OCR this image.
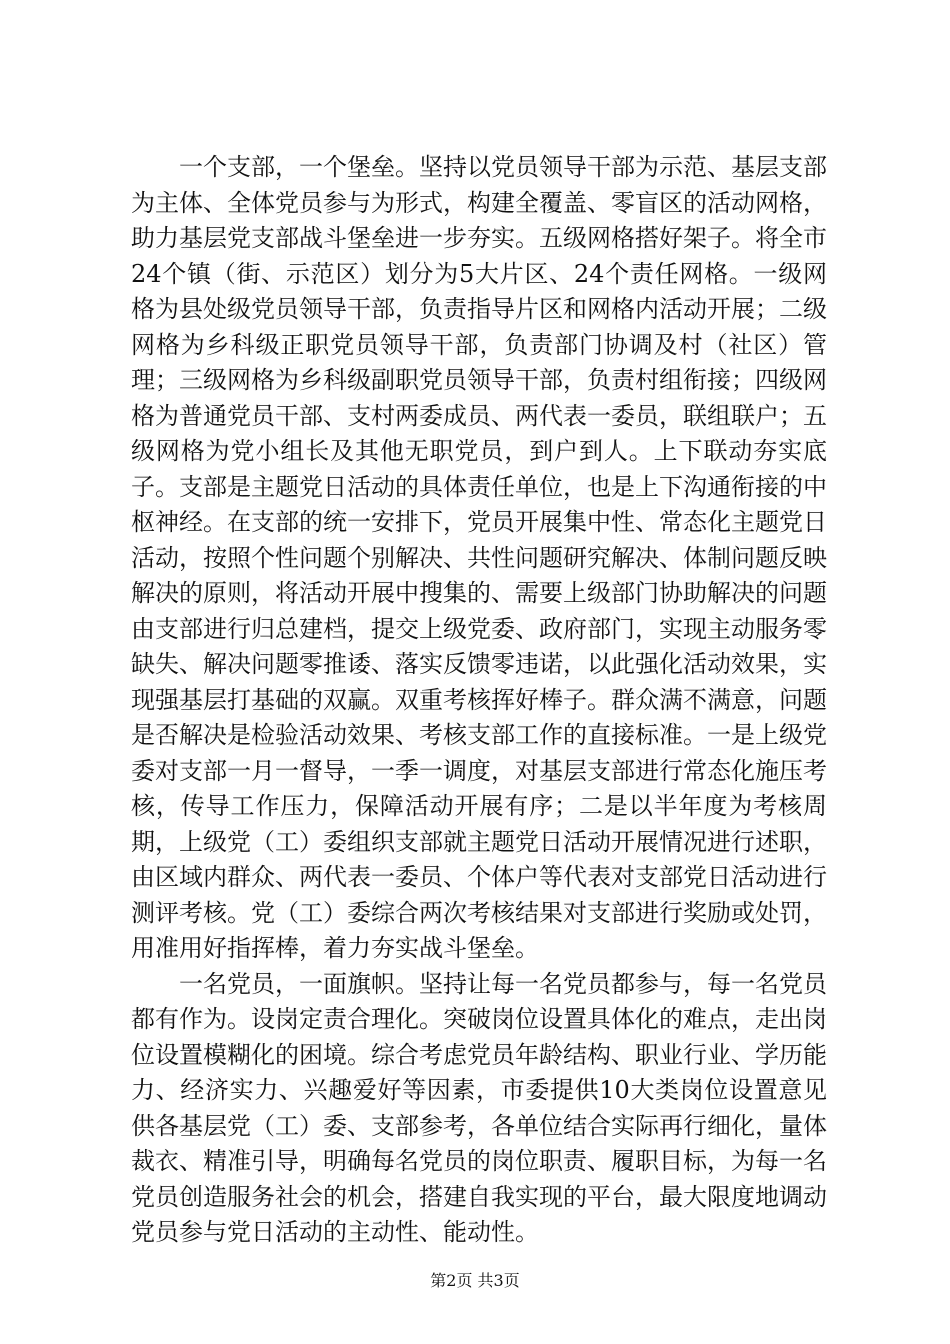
一个支部，一个堡垒。坚持以党员领导干部为示范、基层支部为主体、全体党员参与为形式，构建全覆盖、零盲区的活动网格，助力基层党支部战斗堡垒进一步夯实。五级网格搭好架子。将全市24个镇（街、示范区）划分为5大片区、24个责任网格。一级网格为县处级党员领导干部，负责指导片区和网格内活动开展；二级网格为乡科级正职党员领导干部，负责部门协调及村（社区）管理；三级网格为乡科级副职党员领导干部，负责村组衔接；四级网格为普通党员干部、支村两委成员、两代表一委员，联组联户；五级网格为党小组长及其他无职党员，到户到人。上下联动夯实底子。支部是主题党日活动的具体责任单位，也是上下沟通衔接的中枢神经。在支部的统一安排下，党员开展集中性、常态化主题党日活动，按照个性问题个别解决、共性问题研究解决、体制问题反映解决的原则，将活动开展中搜集的、需要上级部门协助解决的问题由支部进行归总建档，提交上级党委、政府部门，实现主动服务零缺失、解决问题零推诿、落实反馈零违诺，以此强化活动效果，实现强基层打基础的双赢。双重考核挥好棒子。群众满不满意，问题是否解决是检验活动效果、考核支部工作的直接标准。一是上级党委对支部一月一督导，一季一调度，对基层支部进行常态化施压考核，传导工作压力，保障活动开展有序；二是以半年度为考核周期，上级党（工）委组织支部就主题党日活动开展情况进行述职，由区域内群众、两代表一委员、个体户等代表对支部党日活动进行测评考核。党（工）委综合两次考核结果对支部进行奖励或处罚，用准用好指挥棒，着力夯实战斗堡垒。

一名党员，一面旗帜。坚持让每一名党员都参与，每一名党员都有作为。设岗定责合理化。突破岗位设置具体化的难点，走出岗位设置模糊化的困境。综合考虑党员年龄结构、职业行业、学历能力、经济实力、兴趣爱好等因素，市委提供10大类岗位设置意见供各基层党（工）委、支部参考，各单位结合实际再行细化，量体裁衣、精准引导，明确每名党员的岗位职责、履职目标，为每一名党员创造服务社会的机会，搭建自我实现的平台，最大限度地调动党员参与党日活动的主动性、能动性。

第2页 共3页
